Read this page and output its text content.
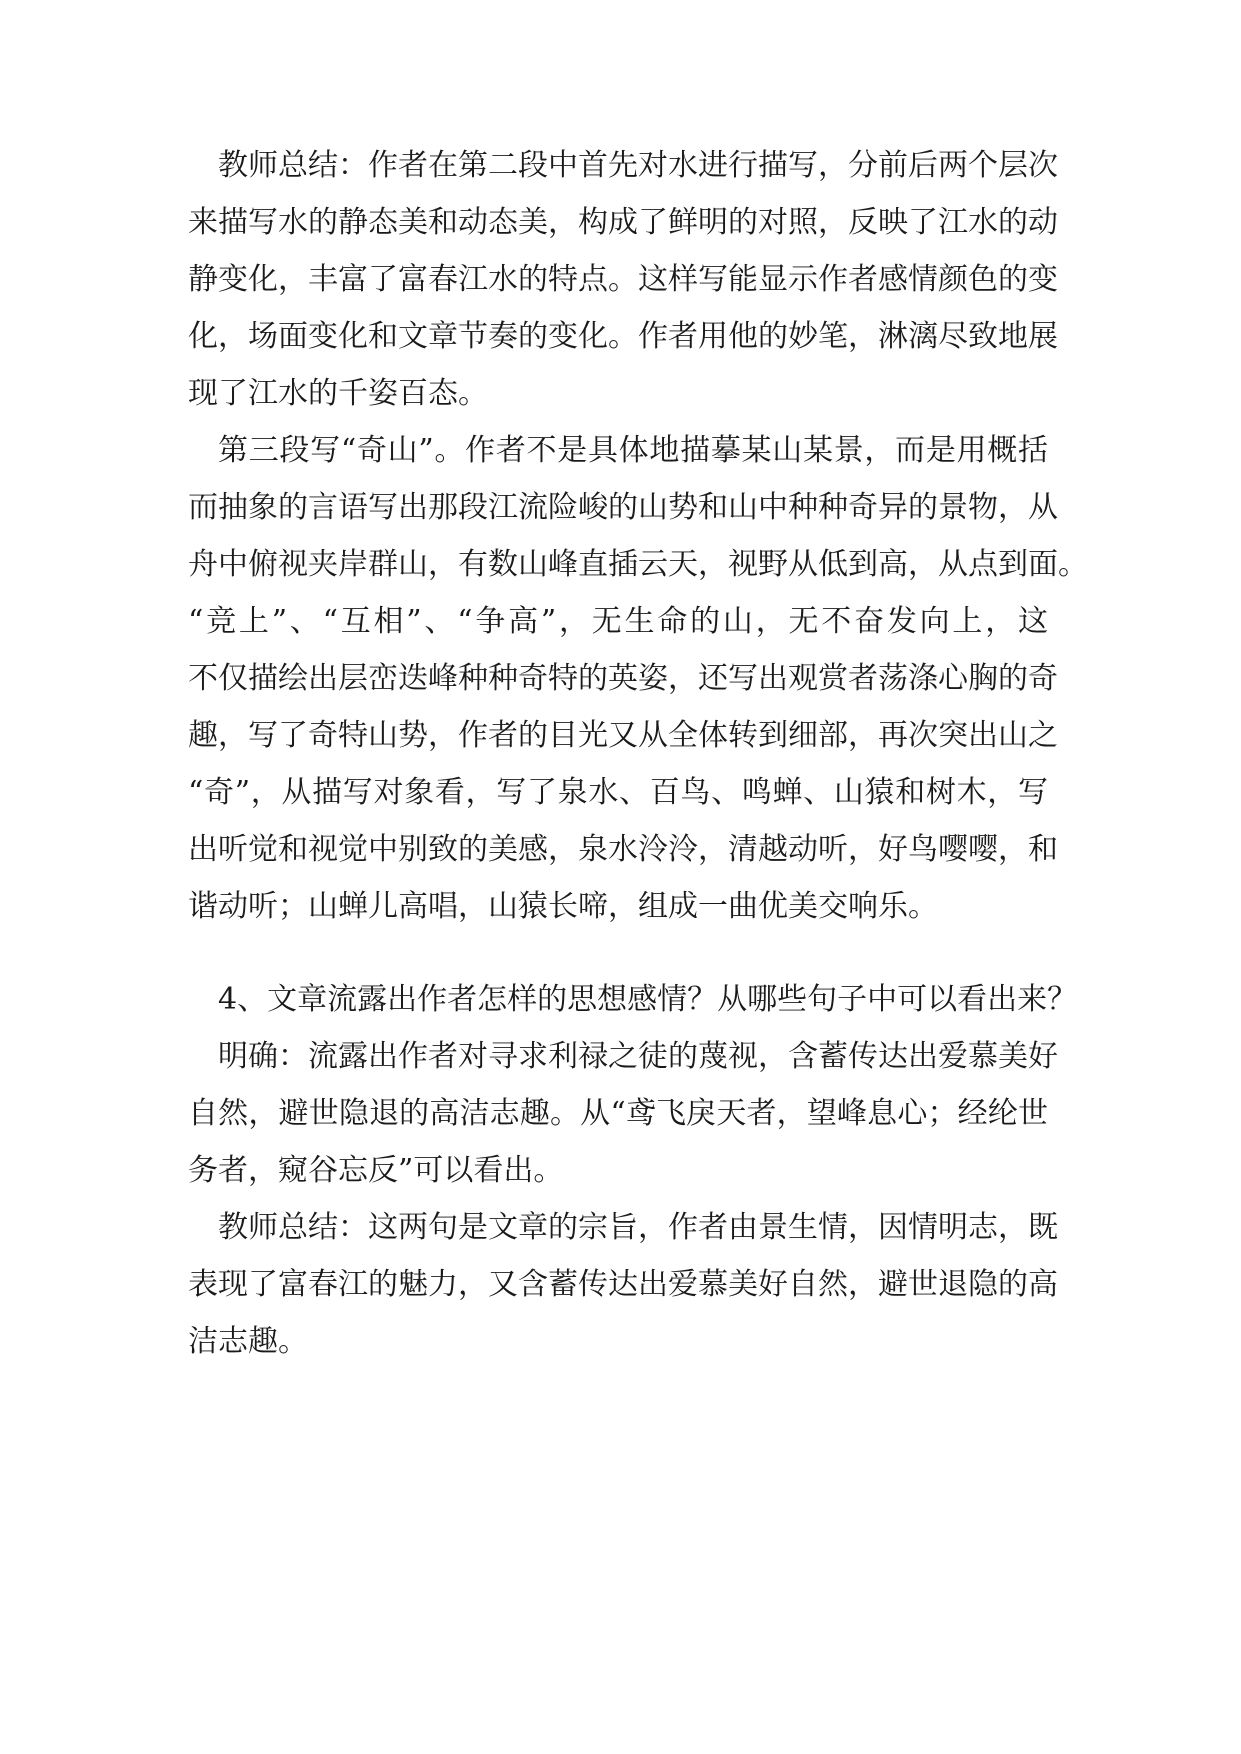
教师总结：作者在第二段中首先对水进行描写，分前后两个层次
来描写水的静态美和动态美，构成了鲜明的对照，反映了江水的动
静变化，丰富了富春江水的特点。这样写能显示作者感情颜色的变
化，场面变化和文章节奏的变化。作者用他的妙笔，淋漓尽致地展
现了江水的千姿百态。
第三段写“奇山”。作者不是具体地描摹某山某景，而是用概括
而抽象的言语写出那段江流险峻的山势和山中种种奇异的景物，从
舟中俯视夹岸群山，有数山峰直插云天，视野从低到高，从点到面。
“竞上”、“互相”、“争高”，无生命的山，无不奋发向上，这
不仅描绘出层峦迭峰种种奇特的英姿，还写出观赏者荡涤心胸的奇
趣，写了奇特山势，作者的目光又从全体转到细部，再次突出山之
“奇”，从描写对象看，写了泉水、百鸟、鸣蝉、山猿和树木，写
出听觉和视觉中别致的美感，泉水泠泠，清越动听，好鸟嘤嘤，和
谐动听；山蝉儿高唱，山猿长啼，组成一曲优美交响乐。
4、文章流露出作者怎样的思想感情？从哪些句子中可以看出来？
明确：流露出作者对寻求利禄之徒的蔑视，含蓄传达出爱慕美好
自然，避世隐退的高洁志趣。从“鸢飞戾天者，望峰息心；经纶世
务者，窥谷忘反”可以看出。
教师总结：这两句是文章的宗旨，作者由景生情，因情明志，既
表现了富春江的魅力，又含蓄传达出爱慕美好自然，避世退隐的高
洁志趣。
